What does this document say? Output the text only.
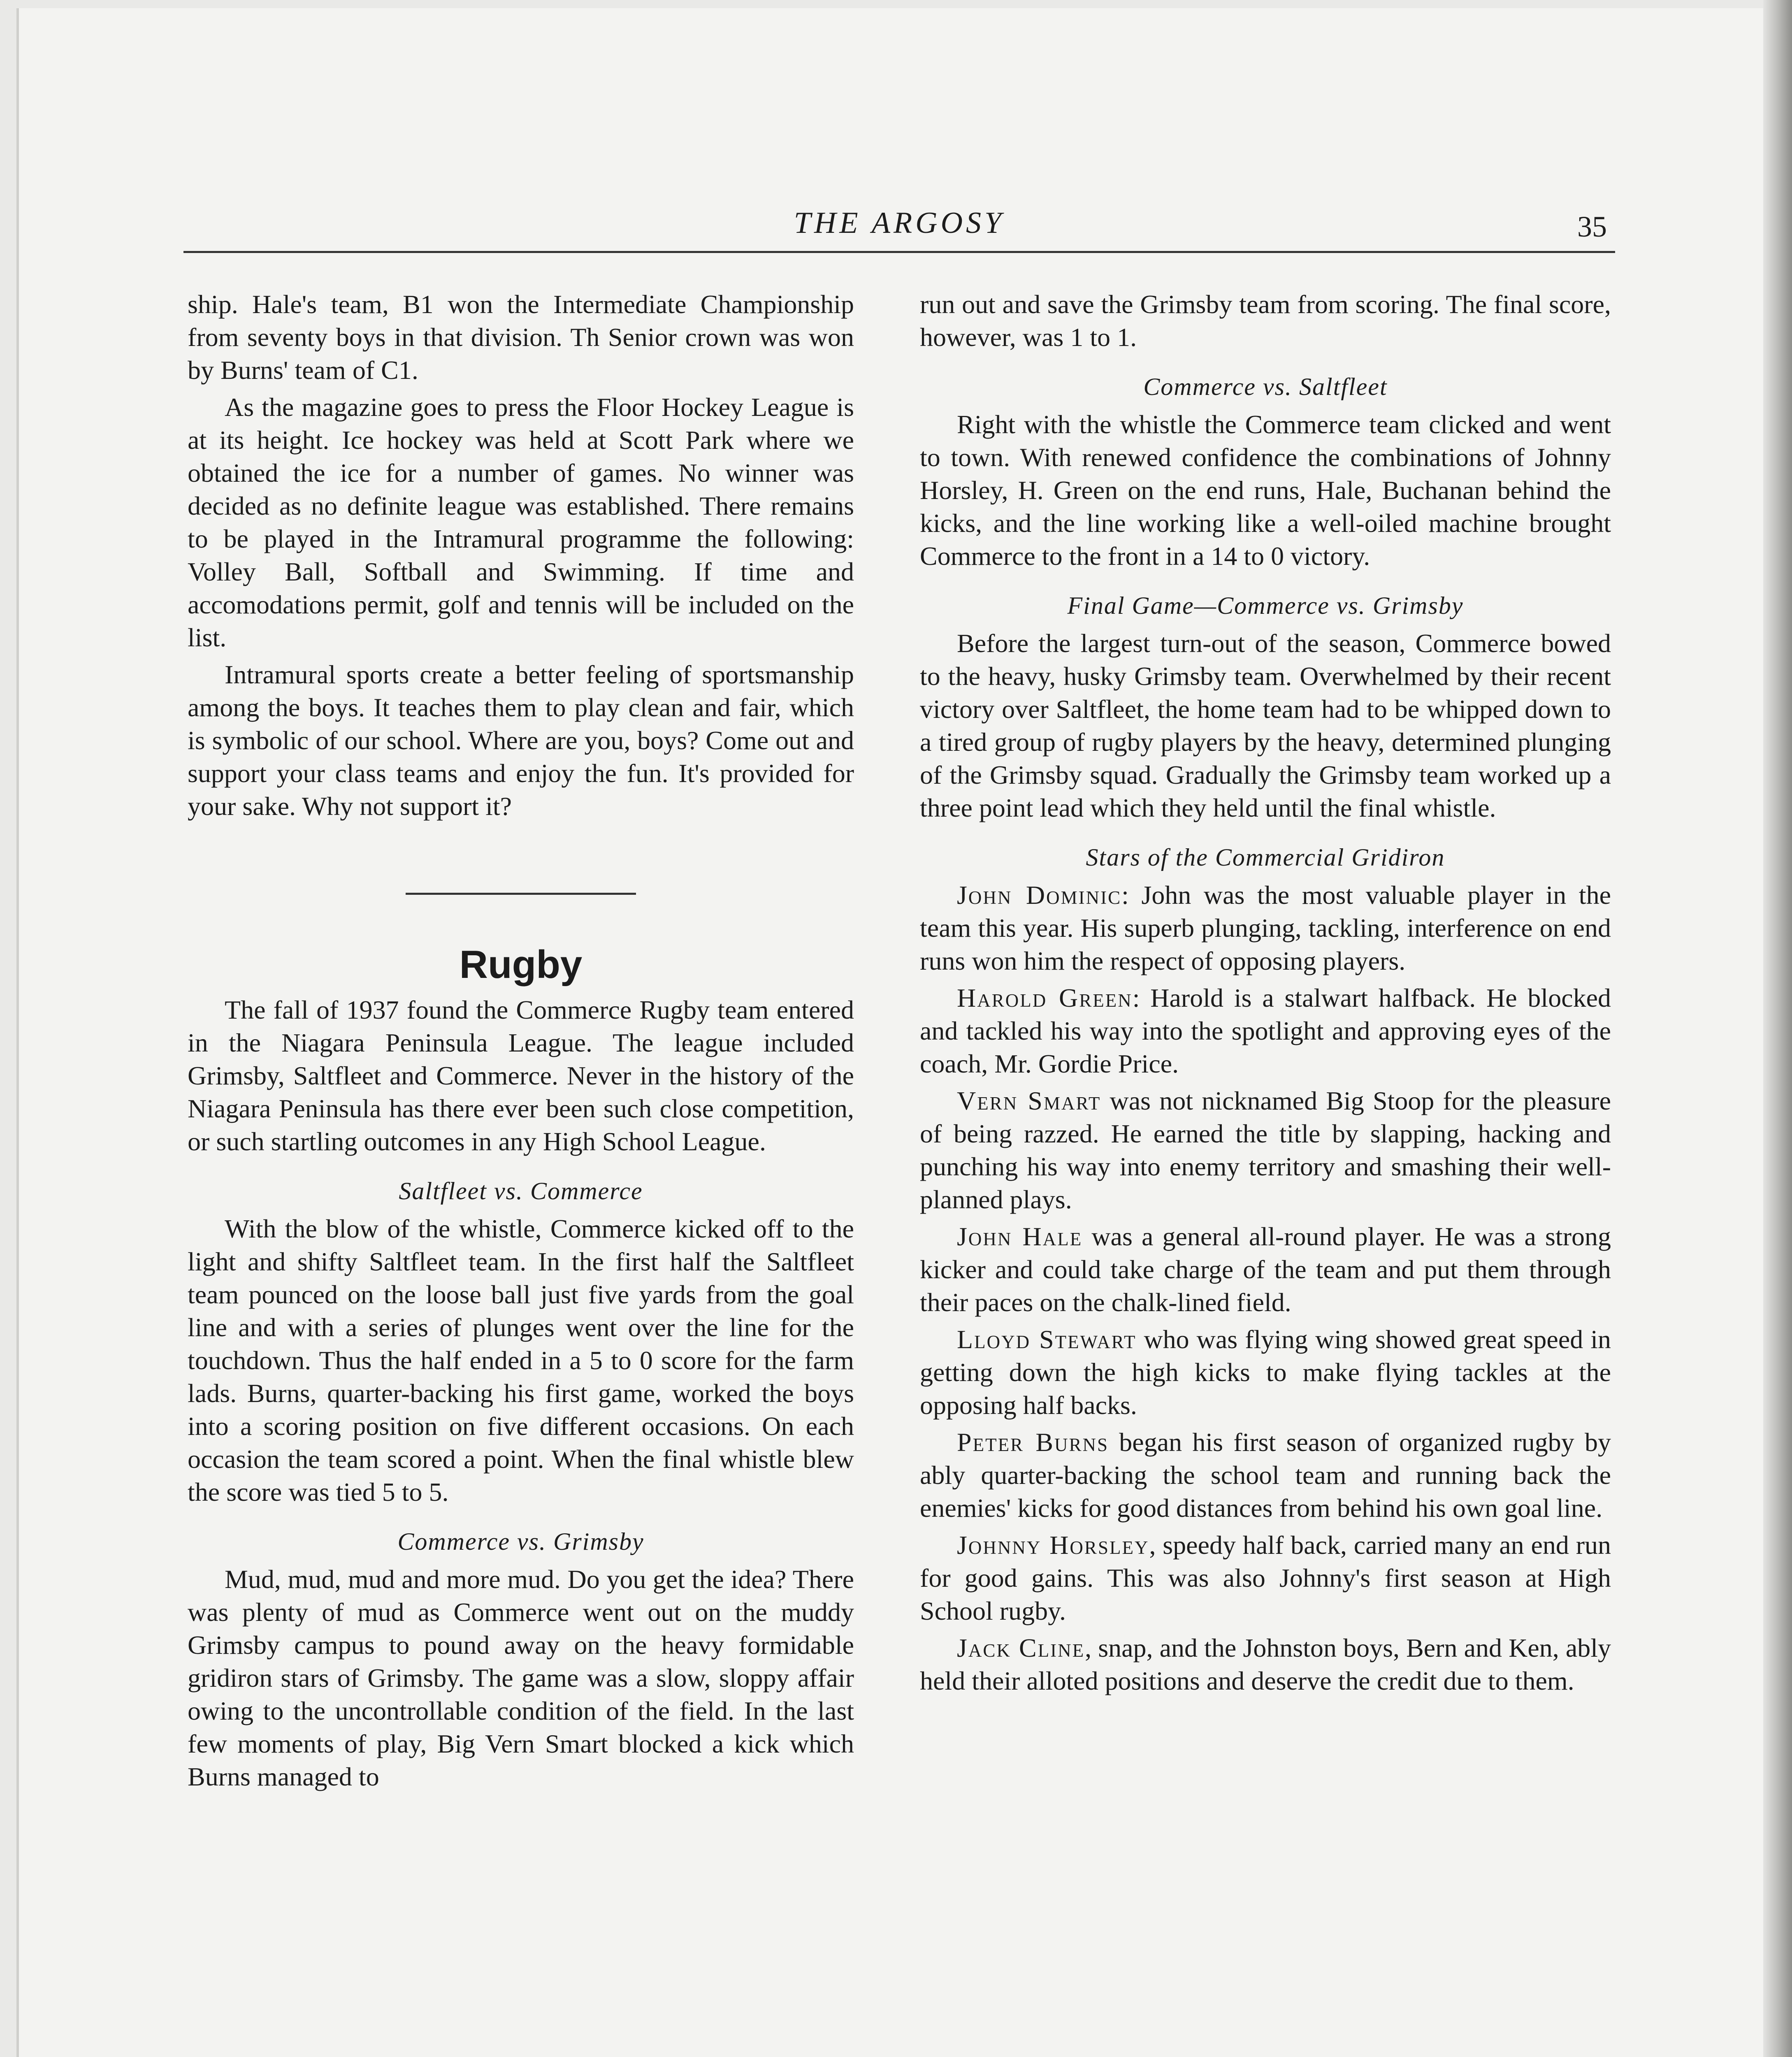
THE ARGOSY	35

ship. Hale's team, B1 won the Intermediate Championship from seventy boys in that division. Th Senior crown was won by Burns' team of C1.

As the magazine goes to press the Floor Hockey League is at its height. Ice hockey was held at Scott Park where we obtained the ice for a number of games. No winner was decided as no definite league was established. There remains to be played in the Intramural programme the following: Volley Ball, Softball and Swimming. If time and accomodations permit, golf and tennis will be included on the list.

Intramural sports create a better feeling of sportsmanship among the boys. It teaches them to play clean and fair, which is symbolic of our school. Where are you, boys? Come out and support your class teams and enjoy the fun. It's provided for your sake. Why not support it?

Rugby

The fall of 1937 found the Commerce Rugby team entered in the Niagara Peninsula League. The league included Grimsby, Saltfleet and Commerce. Never in the history of the Niagara Peninsula has there ever been such close competition, or such startling outcomes in any High School League.

Saltfleet vs. Commerce

With the blow of the whistle, Commerce kicked off to the light and shifty Saltfleet team. In the first half the Saltfleet team pounced on the loose ball just five yards from the goal line and with a series of plunges went over the line for the touchdown. Thus the half ended in a 5 to 0 score for the farm lads. Burns, quarter-backing his first game, worked the boys into a scoring position on five different occasions. On each occasion the team scored a point. When the final whistle blew the score was tied 5 to 5.

Commerce vs. Grimsby

Mud, mud, mud and more mud. Do you get the idea? There was plenty of mud as Commerce went out on the muddy Grimsby campus to pound away on the heavy formidable gridiron stars of Grimsby. The game was a slow, sloppy affair owing to the uncontrollable condition of the field. In the last few moments of play, Big Vern Smart blocked a kick which Burns managed to

run out and save the Grimsby team from scoring. The final score, however, was 1 to 1.

Commerce vs. Saltfleet

Right with the whistle the Commerce team clicked and went to town. With renewed confidence the combinations of Johnny Horsley, H. Green on the end runs, Hale, Buchanan behind the kicks, and the line working like a well-oiled machine brought Commerce to the front in a 14 to 0 victory.

Final Game—Commerce vs. Grimsby

Before the largest turn-out of the season, Commerce bowed to the heavy, husky Grimsby team. Overwhelmed by their recent victory over Saltfleet, the home team had to be whipped down to a tired group of rugby players by the heavy, determined plunging of the Grimsby squad. Gradually the Grimsby team worked up a three point lead which they held until the final whistle.

Stars of the Commercial Gridiron

John Dominic: John was the most valuable player in the team this year. His superb plunging, tackling, interference on end runs won him the respect of opposing players.

Harold Green: Harold is a stalwart halfback. He blocked and tackled his way into the spotlight and approving eyes of the coach, Mr. Gordie Price.

Vern Smart was not nicknamed Big Stoop for the pleasure of being razzed. He earned the title by slapping, hacking and punching his way into enemy territory and smashing their well-planned plays.

John Hale was a general all-round player. He was a strong kicker and could take charge of the team and put them through their paces on the chalk-lined field.

Lloyd Stewart who was flying wing showed great speed in getting down the high kicks to make flying tackles at the opposing half backs.

Peter Burns began his first season of organized rugby by ably quarter-backing the school team and running back the enemies' kicks for good distances from behind his own goal line.

Johnny Horsley, speedy half back, carried many an end run for good gains. This was also Johnny's first season at High School rugby.

Jack Cline, snap, and the Johnston boys, Bern and Ken, ably held their alloted positions and deserve the credit due to them.
